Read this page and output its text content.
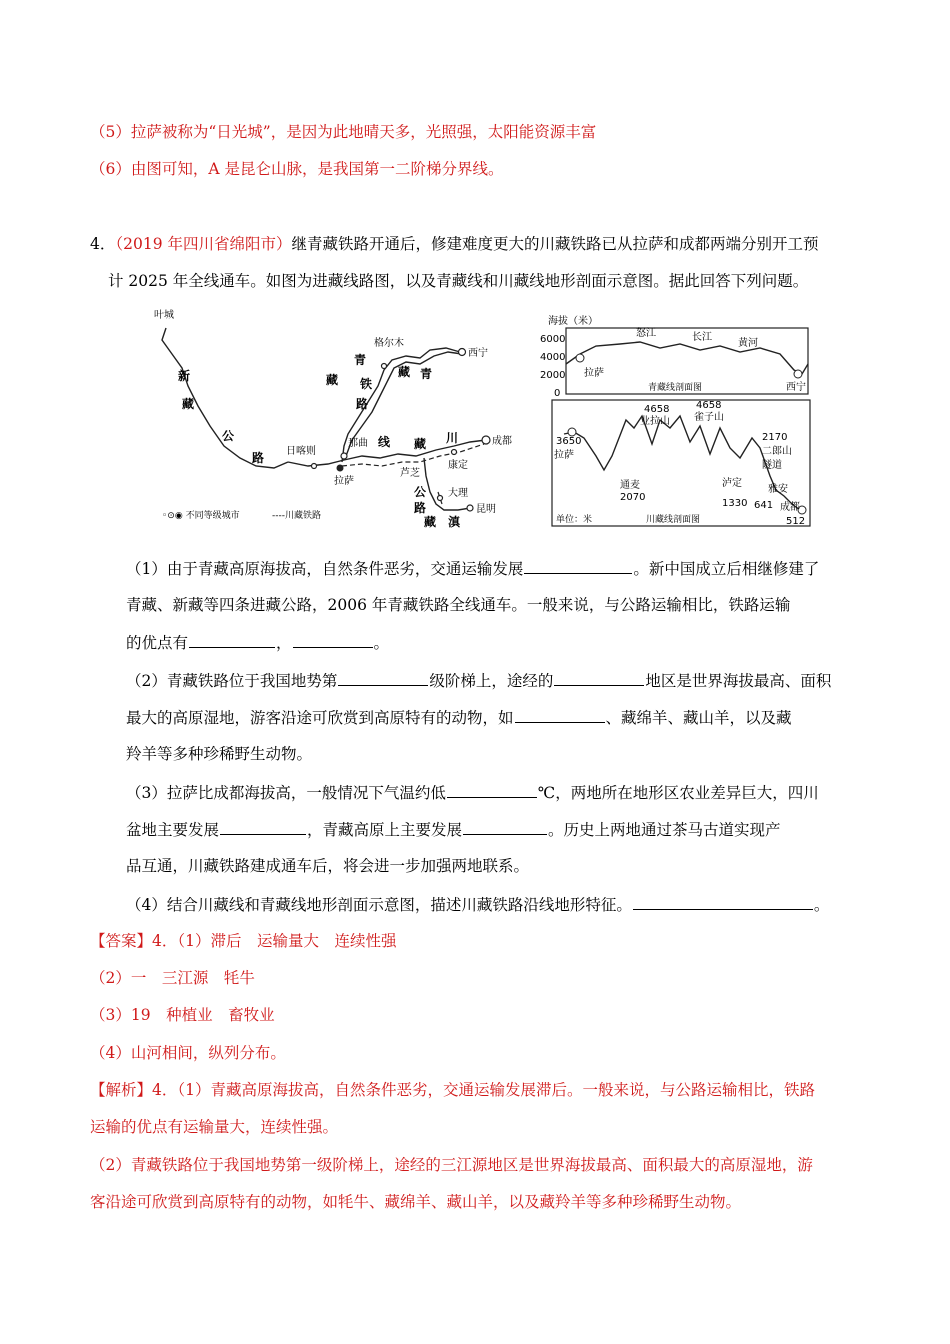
（5）拉萨被称为“日光城”，是因为此地晴天多，光照强，太阳能资源丰富
（6）由图可知，A 是昆仑山脉，是我国第一二阶梯分界线。
4．（2019 年四川省绵阳市）继青藏铁路开通后，修建难度更大的川藏铁路已从拉萨和成都两端分别开工预
计 2025 年全线通车。如图为进藏线路图，以及青藏线和川藏线地形剖面示意图。据此回答下列问题。
叶城
格尔木
西宁
日喀则
那曲
拉萨
芦芝
康定
成都
大理
昆明
新
藏
公
路
青
藏 铁
路
藏 青
线 藏 川
公
路
藏 滇
◦⊙◉ 不同等级城市	----川藏铁路
海拔（米）
6000
4000
2000
0
怒江	长江
黄河
拉萨
西宁
青藏线剖面图
3650
拉萨
通麦
2070
4658
业拉山
4658
雀子山
泸定
1330 641
雅安
成都
512
2170
二郎山
隧道
单位：米	川藏线剖面图
（1）由于青藏高原海拔高，自然条件恶劣，交通运输发展	。新中国成立后相继修建了
青藏、新藏等四条进藏公路，2006 年青藏铁路全线通车。一般来说，与公路运输相比，铁路运输
的优点有	，	。
（2）青藏铁路位于我国地势第	级阶梯上，途经的	地区是世界海拔最高、面积
最大的高原湿地，游客沿途可欣赏到高原特有的动物，如	、藏绵羊、藏山羊，以及藏
羚羊等多种珍稀野生动物。
（3）拉萨比成都海拔高，一般情况下气温约低	℃，两地所在地形区农业差异巨大，四川
盆地主要发展	，青藏高原上主要发展	。历史上两地通过茶马古道实现产
品互通，川藏铁路建成通车后，将会进一步加强两地联系。
（4）结合川藏线和青藏线地形剖面示意图，描述川藏铁路沿线地形特征。	。
【答案】4．（1）滞后　运输量大　连续性强
（2）一　三江源　牦牛
（3）19　种植业　畜牧业
（4）山河相间，纵列分布。
【解析】4．（1）青藏高原海拔高，自然条件恶劣，交通运输发展滞后。一般来说，与公路运输相比，铁路
运输的优点有运输量大，连续性强。
（2）青藏铁路位于我国地势第一级阶梯上，途经的三江源地区是世界海拔最高、面积最大的高原湿地，游
客沿途可欣赏到高原特有的动物，如牦牛、藏绵羊、藏山羊，以及藏羚羊等多种珍稀野生动物。
